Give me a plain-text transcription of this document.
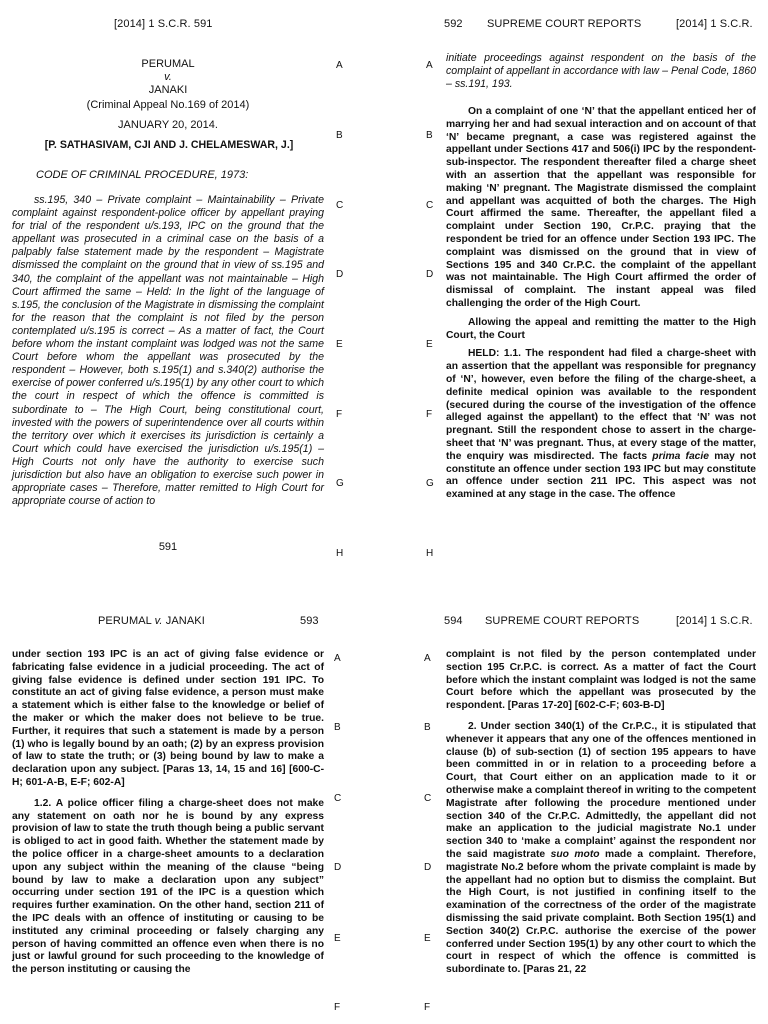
[2014] 1 S.C.R. 591
PERUMAL
v.
JANAKI
(Criminal Appeal No.169 of 2014)
JANUARY 20, 2014.
[P. SATHASIVAM, CJI AND J. CHELAMESWAR, J.]
CODE OF CRIMINAL PROCEDURE, 1973:

ss.195, 340 – Private complaint – Maintainability – Private complaint against respondent-police officer by appellant praying for trial of the respondent u/s.193, IPC on the ground that the appellant was prosecuted in a criminal case on the basis of a palpably false statement made by the respondent – Magistrate dismissed the complaint on the ground that in view of ss.195 and 340, the complaint of the appellant was not maintainable – High Court affirmed the same – Held: In the light of the language of s.195, the conclusion of the Magistrate in dismissing the complaint for the reason that the complaint is not filed by the person contemplated u/s.195 is correct – As a matter of fact, the Court before whom the instant complaint was lodged was not the same Court before whom the appellant was prosecuted by the respondent – However, both s.195(1) and s.340(2) authorise the exercise of power conferred u/s.195(1) by any other court to which the court in respect of which the offence is committed is subordinate to – The High Court, being constitutional court, invested with the powers of superintendence over all courts within the territory over which it exercises its jurisdiction is certainly a Court which could have exercised the jurisdiction u/s.195(1) – High Courts not only have the authority to exercise such jurisdiction but also have an obligation to exercise such power in appropriate cases – Therefore, matter remitted to High Court for appropriate course of action to

591
A
B
C
D
E
F
G
H
592 SUPREME COURT REPORTS	[2014] 1 S.C.R.

initiate proceedings against respondent on the basis of the complaint of appellant in accordance with law – Penal Code, 1860 – ss.191, 193.

On a complaint of one ‘N’ that the appellant enticed her of marrying her and had sexual interaction and on account of that ‘N’ became pregnant, a case was registered against the appellant under Sections 417 and 506(i) IPC by the respondent-sub-inspector. The respondent thereafter filed a charge sheet with an assertion that the appellant was responsible for making ‘N’ pregnant. The Magistrate dismissed the complaint and appellant was acquitted of both the charges. The High Court affirmed the same. Thereafter, the appellant filed a complaint under Section 190, Cr.P.C. praying that the respondent be tried for an offence under Section 193 IPC. The complaint was dismissed on the ground that in view of Sections 195 and 340 Cr.P.C. the complaint of the appellant was not maintainable. The High Court affirmed the order of dismissal of complaint. The instant appeal was filed challenging the order of the High Court.

Allowing the appeal and remitting the matter to the High Court, the Court

HELD: 1.1. The respondent had filed a charge-sheet with an assertion that the appellant was responsible for pregnancy of ‘N’, however, even before the filing of the charge-sheet, a definite medical opinion was available to the respondent (secured during the course of the investigation of the offence alleged against the appellant) to the effect that ‘N’ was not pregnant. Still the respondent chose to assert in the charge-sheet that ‘N’ was pregnant. Thus, at every stage of the matter, the enquiry was misdirected. The facts prima facie may not constitute an offence under section 193 IPC but may constitute an offence under section 211 IPC. This aspect was not examined at any stage in the case. The offence

A
B
C
D
E
F
G
H
PERUMAL v. JANAKI	593

under section 193 IPC is an act of giving false evidence or fabricating false evidence in a judicial proceeding. The act of giving false evidence is defined under section 191 IPC. To constitute an act of giving false evidence, a person must make a statement which is either false to the knowledge or belief of the maker or which the maker does not believe to be true. Further, it requires that such a statement is made by a person (1) who is legally bound by an oath; (2) by an express provision of law to state the truth; or (3) being bound by law to make a declaration upon any subject. [Paras 13, 14, 15 and 16] [600-C-H; 601-A-B, E-F; 602-A]

1.2. A police officer filing a charge-sheet does not make any statement on oath nor he is bound by any express provision of law to state the truth though being a public servant is obliged to act in good faith. Whether the statement made by the police officer in a charge-sheet amounts to a declaration upon any subject within the meaning of the clause “being bound by law to make a declaration upon any subject” occurring under section 191 of the IPC is a question which requires further examination. On the other hand, section 211 of the IPC deals with an offence of instituting or causing to be instituted any criminal proceeding or falsely charging any person of having committed an offence even when there is no just or lawful ground for such proceeding to the knowledge of the person instituting or causing the

A
B
C
D
E
F
594 SUPREME COURT REPORTS	[2014] 1 S.C.R.

complaint is not filed by the person contemplated under section 195 Cr.P.C. is correct. As a matter of fact the Court before which the instant complaint was lodged is not the same Court before which the appellant was prosecuted by the respondent. [Paras 17-20] [602-C-F; 603-B-D]

2. Under section 340(1) of the Cr.P.C., it is stipulated that whenever it appears that any one of the offences mentioned in clause (b) of sub-section (1) of section 195 appears to have been committed in or in relation to a proceeding before a Court, that Court either on an application made to it or otherwise make a complaint thereof in writing to the competent Magistrate after following the procedure mentioned under section 340 of the Cr.P.C. Admittedly, the appellant did not make an application to the judicial magistrate No.1 under section 340 to ‘make a complaint’ against the respondent nor the said magistrate suo moto made a complaint. Therefore, magistrate No.2 before whom the private complaint is made by the appellant had no option but to dismiss the complaint. But the High Court, is not justified in confining itself to the examination of the correctness of the order of the magistrate dismissing the said private complaint. Both Section 195(1) and Section 340(2) Cr.P.C. authorise the exercise of the power conferred under Section 195(1) by any other court to which the court in respect of which the offence is committed is subordinate to. [Paras 21, 22

A
B
C
D
E
F
